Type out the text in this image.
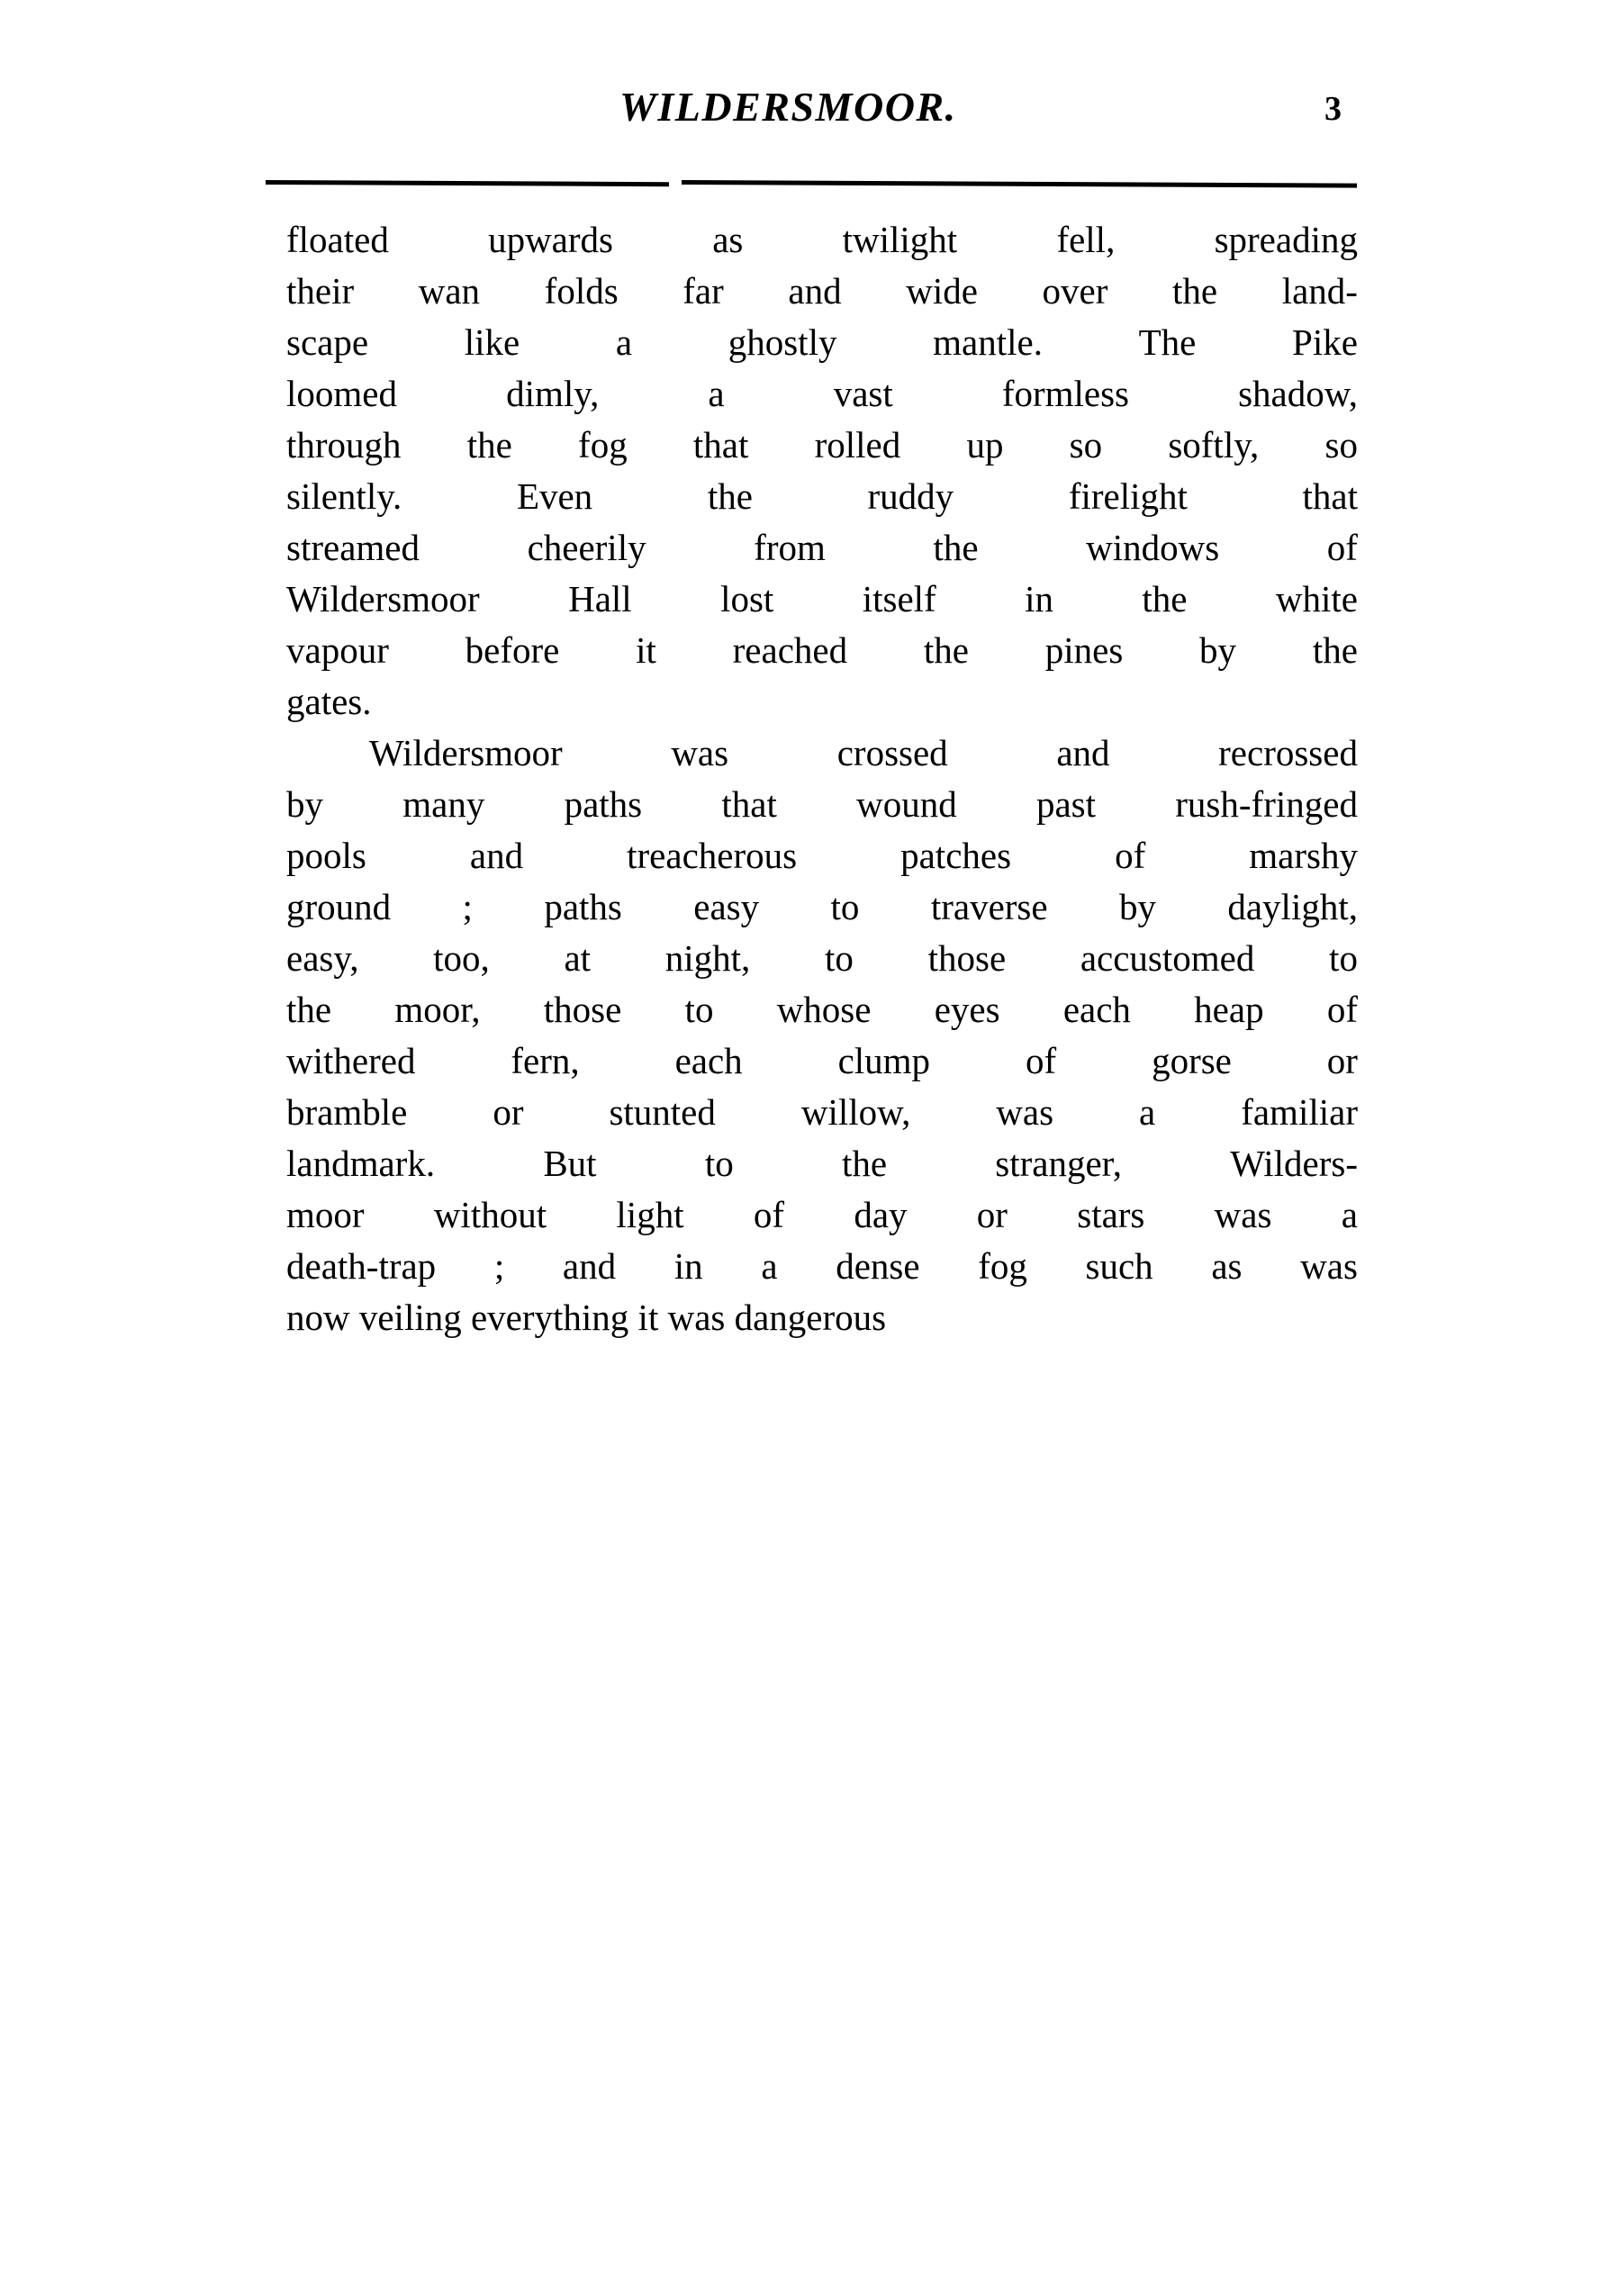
WILDERSMOOR.	3

floated	upwards	as	twilight	fell,	spreading
their wan folds far and wide over the land-
scape	like	a	ghostly	mantle.	The	Pike
loomed	dimly,	a	vast	formless	shadow,
through the fog that rolled up so softly, so
silently.	Even	the	ruddy	firelight	that
streamed	cheerily	from	the	windows	of
Wildersmoor Hall lost itself in the white
vapour before it reached the pines by the
gates.

Wildersmoor	was	crossed	and	recrossed
by many paths that wound past rush-fringed
pools	and	treacherous	patches	of	marshy
ground ; paths easy to traverse by daylight,
easy, too, at night, to those accustomed to
the moor, those to whose eyes each heap of
withered	fern,	each	clump	of	gorse	or
bramble or stunted willow, was a familiar
landmark.	But	to	the	stranger,	Wilders-
moor without light of day or stars was a
death-trap ; and in a dense fog such as was
now veiling everything it was dangerous
